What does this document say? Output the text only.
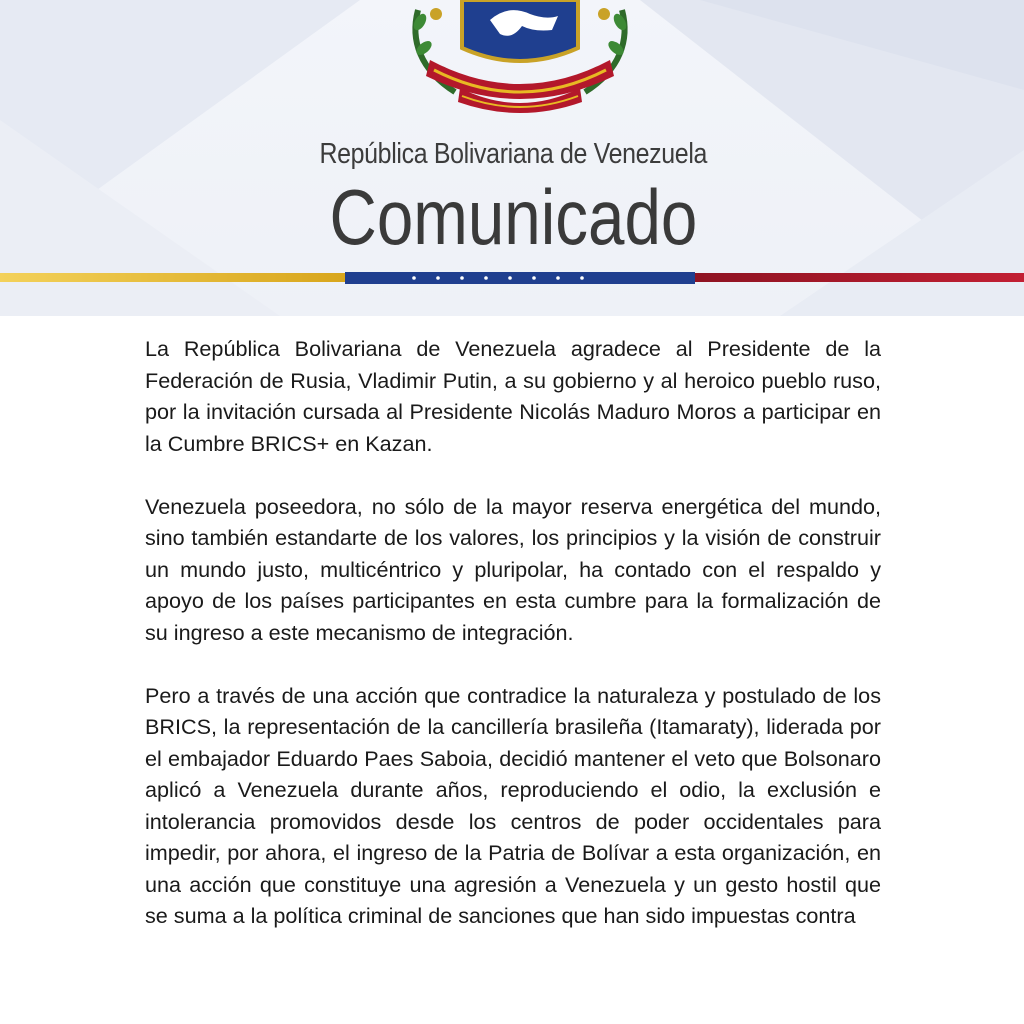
República Bolivariana de Venezuela
Comunicado

La República Bolivariana de Venezuela agradece al Presidente de la Federación de Rusia, Vladimir Putin, a su gobierno y al heroico pueblo ruso, por la invitación cursada al Presidente Nicolás Maduro Moros a participar en la Cumbre BRICS+ en Kazan.

Venezuela poseedora, no sólo de la mayor reserva energética del mundo, sino también estandarte de los valores, los principios y la visión de construir un mundo justo, multicéntrico y pluripolar, ha contado con el respaldo y apoyo de los países participantes en esta cumbre para la formalización de su ingreso a este mecanismo de integración.

Pero a través de una acción que contradice la naturaleza y postulado de los BRICS, la representación de la cancillería brasileña (Itamaraty), liderada por el embajador Eduardo Paes Saboia, decidió mantener el veto que Bolsonaro aplicó a Venezuela durante años, reproduciendo el odio, la exclusión e intolerancia promovidos desde los centros de poder occidentales para impedir, por ahora, el ingreso de la Patria de Bolívar a esta organización, en una acción que constituye una agresión a Venezuela y un gesto hostil que se suma a la política criminal de sanciones que han sido impuestas contra
